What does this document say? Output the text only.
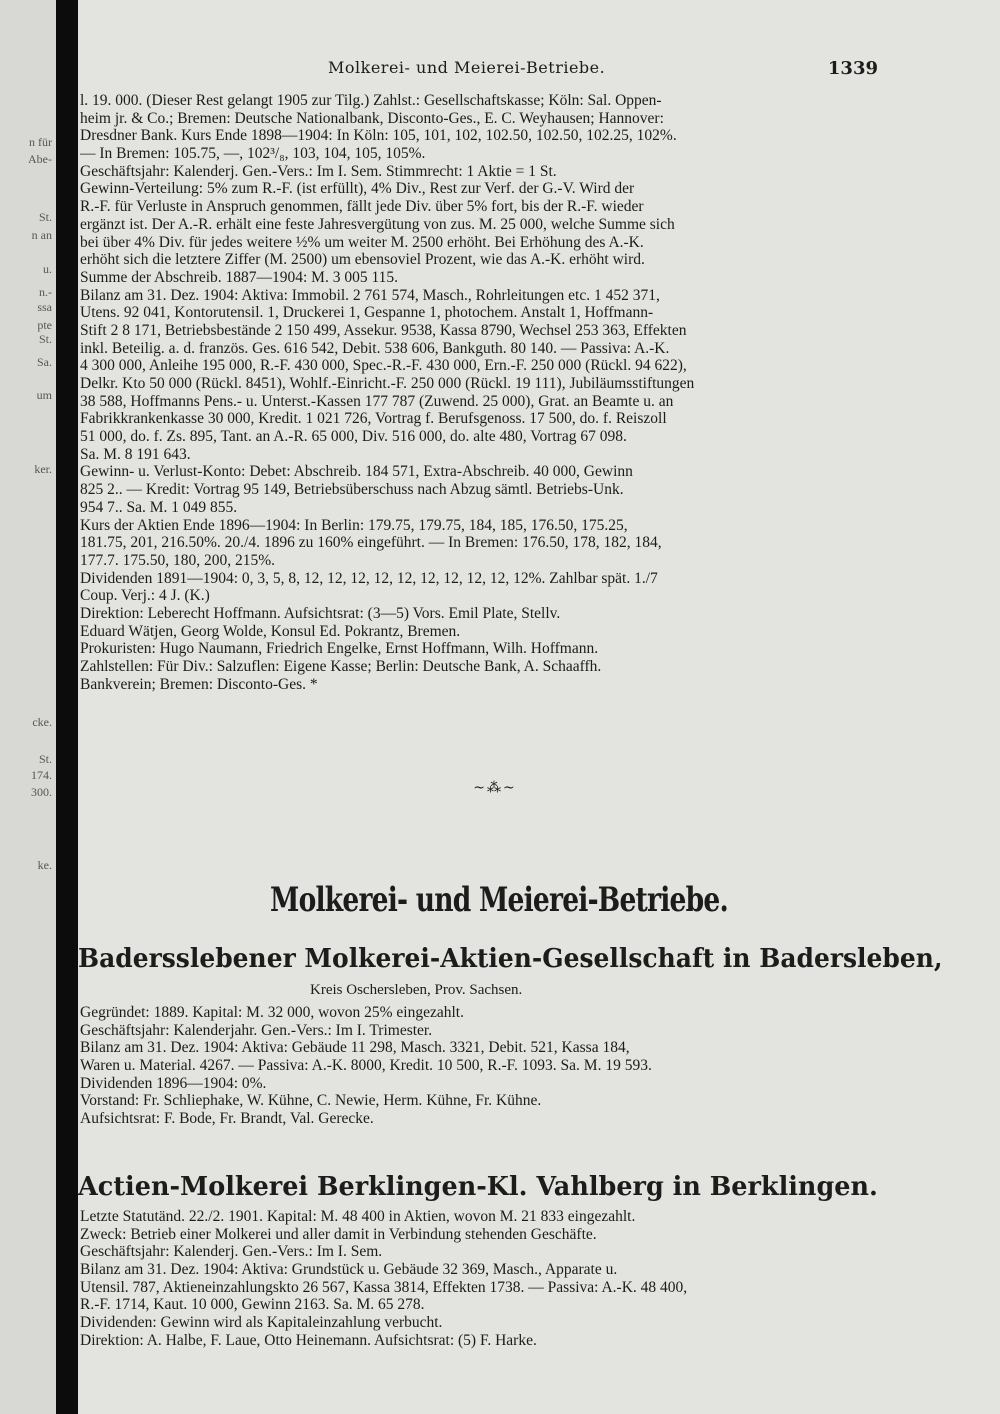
n für
Abe-
St.
n an
u.
n.-
ssa
pte
St.
Sa.
um
ker.
cke.
St.
174.
300.
ke.
Molkerei- und Meierei-Betriebe.	1339
l. 19. 000. (Dieser Rest gelangt 1905 zur Tilg.) Zahlst.: Gesellschaftskasse; Köln: Sal. Oppen-
heim jr. & Co.; Bremen: Deutsche Nationalbank, Disconto-Ges., E. C. Weyhausen; Hannover:
Dresdner Bank. Kurs Ende 1898—1904: In Köln: 105, 101, 102, 102.50, 102.50, 102.25, 102%.
— In Bremen: 105.75, —, 102³/₈, 103, 104, 105, 105%.
Geschäftsjahr: Kalenderj. Gen.-Vers.: Im I. Sem. Stimmrecht: 1 Aktie = 1 St.
Gewinn-Verteilung: 5% zum R.-F. (ist erfüllt), 4% Div., Rest zur Verf. der G.-V. Wird der
R.-F. für Verluste in Anspruch genommen, fällt jede Div. über 5% fort, bis der R.-F. wieder
ergänzt ist. Der A.-R. erhält eine feste Jahresvergütung von zus. M. 25 000, welche Summe sich
bei über 4% Div. für jedes weitere ½% um weiter M. 2500 erhöht. Bei Erhöhung des A.-K.
erhöht sich die letztere Ziffer (M. 2500) um ebensoviel Prozent, wie das A.-K. erhöht wird.
Summe der Abschreib. 1887—1904: M. 3 005 115.
Bilanz am 31. Dez. 1904: Aktiva: Immobil. 2 761 574, Masch., Rohrleitungen etc. 1 452 371,
Utens. 92 041, Kontorutensil. 1, Druckerei 1, Gespanne 1, photochem. Anstalt 1, Hoffmann-
Stift 2 8 171, Betriebsbestände 2 150 499, Assekur. 9538, Kassa 8790, Wechsel 253 363, Effekten
inkl. Beteilig. a. d. französ. Ges. 616 542, Debit. 538 606, Bankguth. 80 140. — Passiva: A.-K.
4 300 000, Anleihe 195 000, R.-F. 430 000, Spec.-R.-F. 430 000, Ern.-F. 250 000 (Rückl. 94 622),
Delkr. Kto 50 000 (Rückl. 8451), Wohlf.-Einricht.-F. 250 000 (Rückl. 19 111), Jubiläumsstiftungen
38 588, Hoffmanns Pens.- u. Unterst.-Kassen 177 787 (Zuwend. 25 000), Grat. an Beamte u. an
Fabrikkrankenkasse 30 000, Kredit. 1 021 726, Vortrag f. Berufsgenoss. 17 500, do. f. Reiszoll
51 000, do. f. Zs. 895, Tant. an A.-R. 65 000, Div. 516 000, do. alte 480, Vortrag 67 098.
Sa. M. 8 191 643.
Gewinn- u. Verlust-Konto: Debet: Abschreib. 184 571, Extra-Abschreib. 40 000, Gewinn
825 2.. — Kredit: Vortrag 95 149, Betriebsüberschuss nach Abzug sämtl. Betriebs-Unk.
954 7.. Sa. M. 1 049 855.
Kurs der Aktien Ende 1896—1904: In Berlin: 179.75, 179.75, 184, 185, 176.50, 175.25,
181.75, 201, 216.50%. 20./4. 1896 zu 160% eingeführt. — In Bremen: 176.50, 178, 182, 184,
177.7. 175.50, 180, 200, 215%.
Dividenden 1891—1904: 0, 3, 5, 8, 12, 12, 12, 12, 12, 12, 12, 12, 12, 12%. Zahlbar spät. 1./7
Coup. Verj.: 4 J. (K.)
Direktion: Leberecht Hoffmann. Aufsichtsrat: (3—5) Vors. Emil Plate, Stellv.
Eduard Wätjen, Georg Wolde, Konsul Ed. Pokrantz, Bremen.
Prokuristen: Hugo Naumann, Friedrich Engelke, Ernst Hoffmann, Wilh. Hoffmann.
Zahlstellen: Für Div.: Salzuflen: Eigene Kasse; Berlin: Deutsche Bank, A. Schaaffh.
Bankverein; Bremen: Disconto-Ges. *
~⁂~
Molkerei- und Meierei-Betriebe.
Badersslebener Molkerei-Aktien-Gesellschaft in Badersleben,
Kreis Oschersleben, Prov. Sachsen.
Gegründet: 1889. Kapital: M. 32 000, wovon 25% eingezahlt.
Geschäftsjahr: Kalenderjahr. Gen.-Vers.: Im I. Trimester.
Bilanz am 31. Dez. 1904: Aktiva: Gebäude 11 298, Masch. 3321, Debit. 521, Kassa 184,
Waren u. Material. 4267. — Passiva: A.-K. 8000, Kredit. 10 500, R.-F. 1093. Sa. M. 19 593.
Dividenden 1896—1904: 0%.
Vorstand: Fr. Schliephake, W. Kühne, C. Newie, Herm. Kühne, Fr. Kühne.
Aufsichtsrat: F. Bode, Fr. Brandt, Val. Gerecke.
Actien-Molkerei Berklingen-Kl. Vahlberg in Berklingen.
Letzte Statutänd. 22./2. 1901. Kapital: M. 48 400 in Aktien, wovon M. 21 833 eingezahlt.
Zweck: Betrieb einer Molkerei und aller damit in Verbindung stehenden Geschäfte.
Geschäftsjahr: Kalenderj. Gen.-Vers.: Im I. Sem.
Bilanz am 31. Dez. 1904: Aktiva: Grundstück u. Gebäude 32 369, Masch., Apparate u.
Utensil. 787, Aktieneinzahlungskto 26 567, Kassa 3814, Effekten 1738. — Passiva: A.-K. 48 400,
R.-F. 1714, Kaut. 10 000, Gewinn 2163. Sa. M. 65 278.
Dividenden: Gewinn wird als Kapitaleinzahlung verbucht.
Direktion: A. Halbe, F. Laue, Otto Heinemann. Aufsichtsrat: (5) F. Harke.
